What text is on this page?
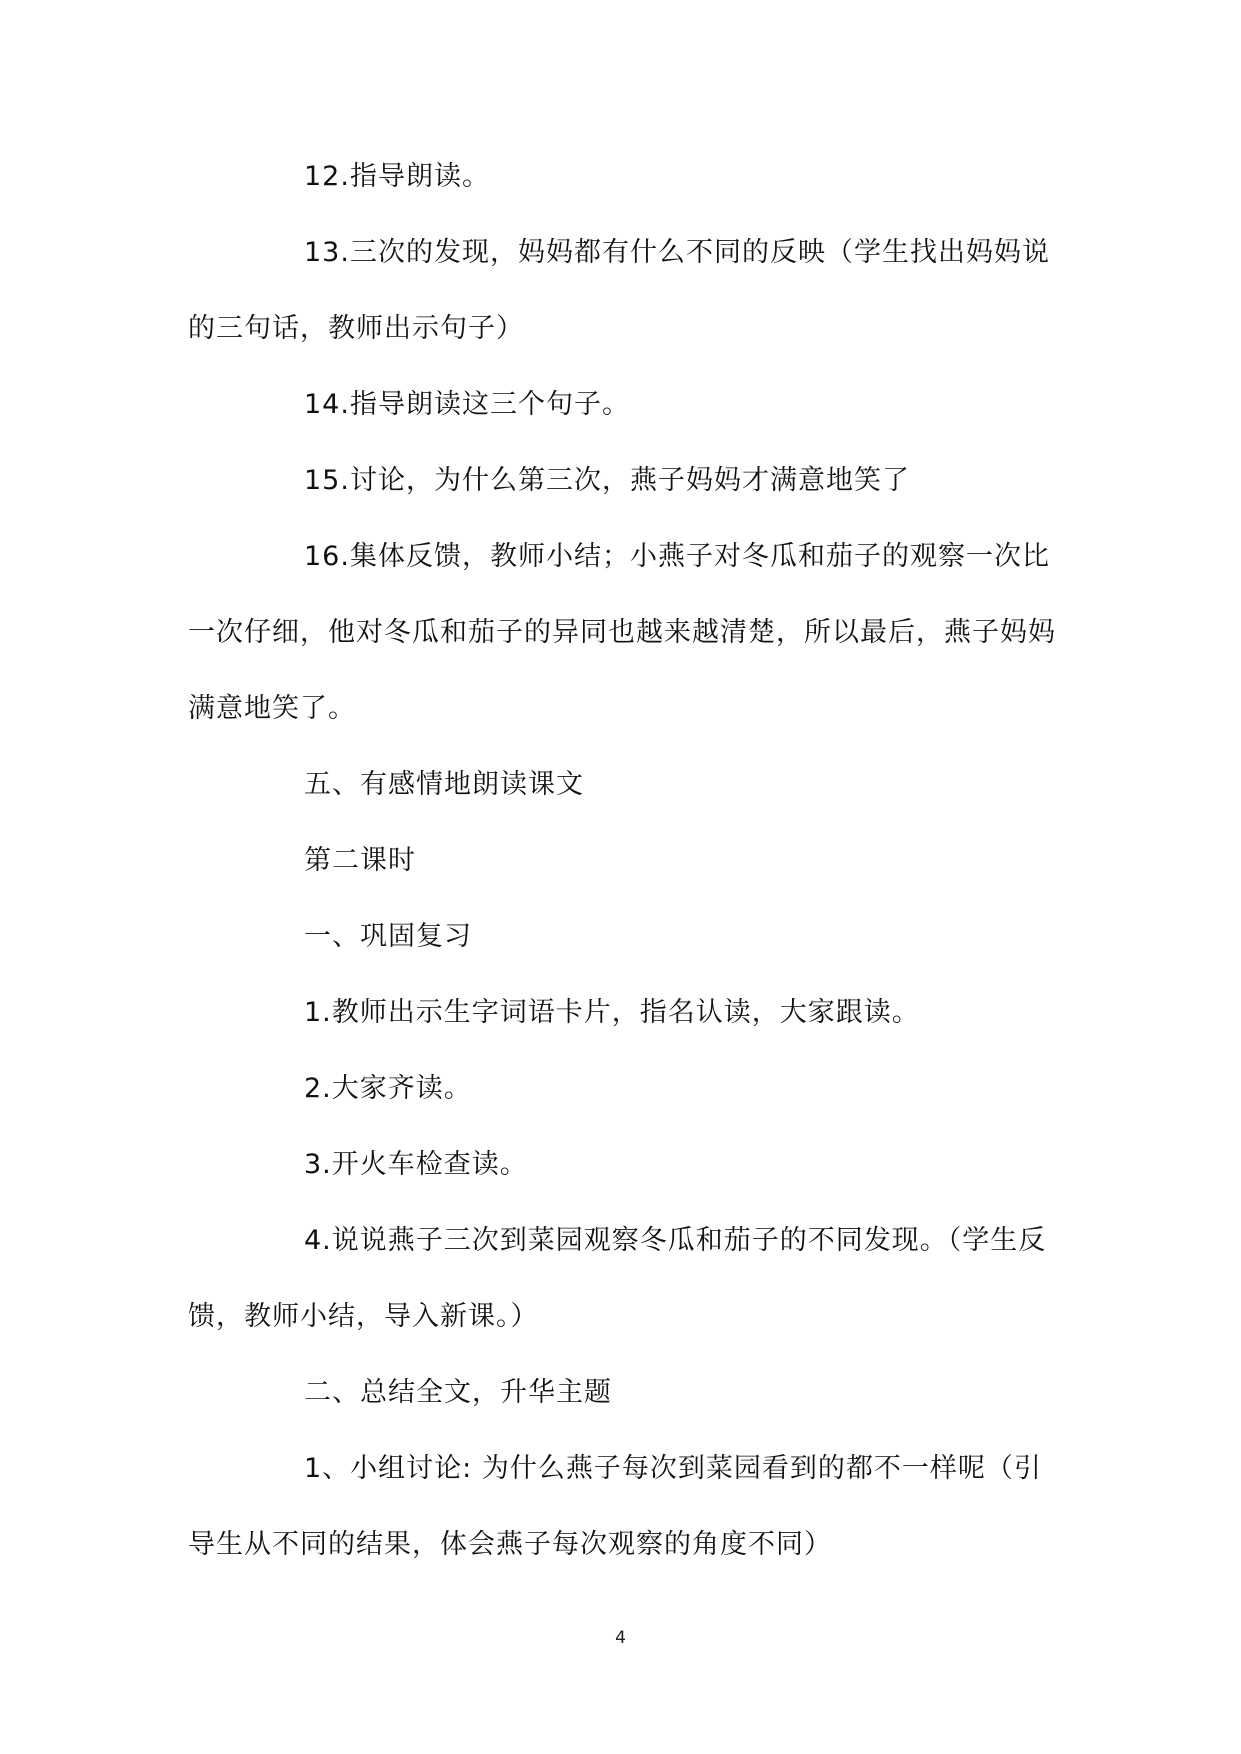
12.指导朗读。

13.三次的发现，妈妈都有什么不同的反映（学生找出妈妈说的三句话，教师出示句子）

14.指导朗读这三个句子。

15.讨论，为什么第三次，燕子妈妈才满意地笑了

16.集体反馈，教师小结；小燕子对冬瓜和茄子的观察一次比一次仔细，他对冬瓜和茄子的异同也越来越清楚，所以最后，燕子妈妈满意地笑了。

五、有感情地朗读课文

第二课时

一、巩固复习

1.教师出示生字词语卡片，指名认读，大家跟读。

2.大家齐读。

3.开火车检查读。

4.说说燕子三次到菜园观察冬瓜和茄子的不同发现。（学生反馈，教师小结，导入新课。）

二、总结全文，升华主题

1、小组讨论: 为什么燕子每次到菜园看到的都不一样呢（引导生从不同的结果，体会燕子每次观察的角度不同）

4
